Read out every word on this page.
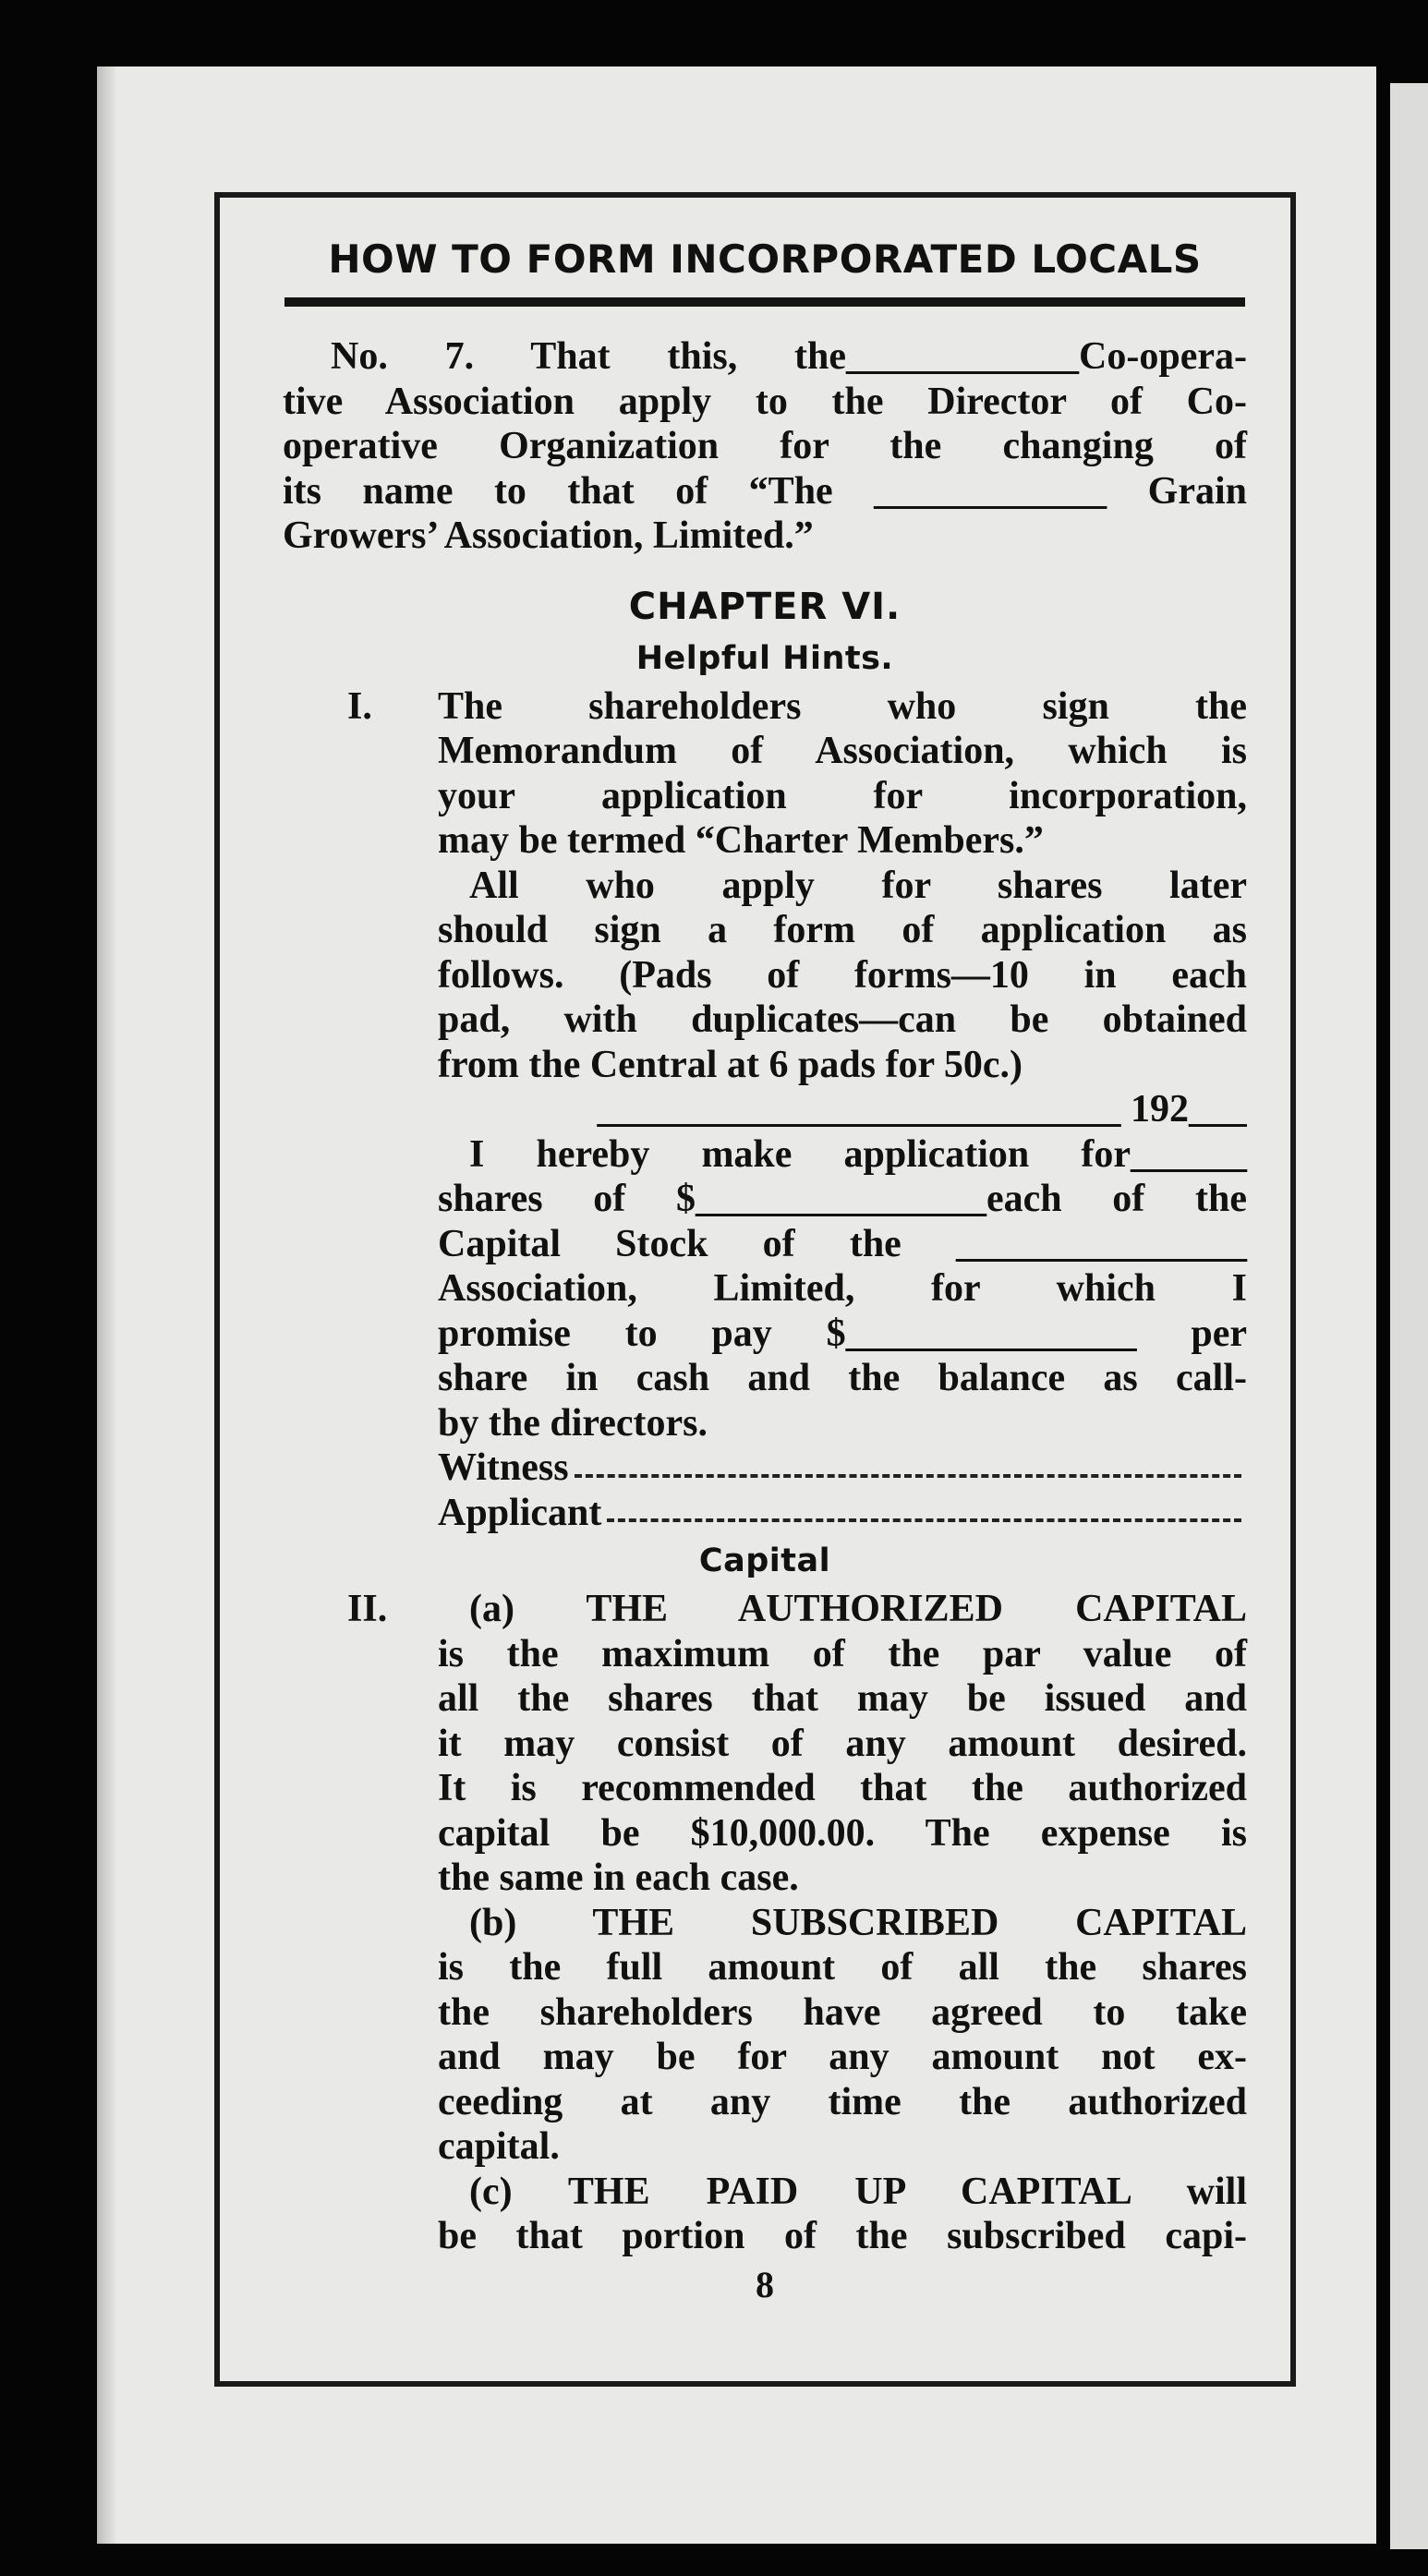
HOW TO FORM INCORPORATED LOCALS
No. 7. That this, the____________Co-opera-
tive Association apply to the Director of Co-
operative Organization for the changing of
its name to that of “The ____________ Grain
Growers’ Association, Limited.”
CHAPTER VI.
Helpful Hints.
I. The shareholders who sign the
Memorandum of Association, which is
your application for incorporation,
may be termed “Charter Members.”
All who apply for shares later
should sign a form of application as
follows. (Pads of forms—10 in each
pad, with duplicates—can be obtained
from the Central at 6 pads for 50c.)
___________________________ 192___
I hereby make application for______
shares of $_______________each of the
Capital Stock of the _______________
Association, Limited, for which I
promise to pay $_______________ per
share in cash and the balance as call-
by the directors.
Witness
Applicant
Capital
II.	(a) THE AUTHORIZED CAPITAL
is the maximum of the par value of
all the shares that may be issued and
it may consist of any amount desired.
It is recommended that the authorized
capital be $10,000.00. The expense is
the same in each case.
(b) THE SUBSCRIBED CAPITAL
is the full amount of all the shares
the shareholders have agreed to take
and may be for any amount not ex-
ceeding at any time the authorized
capital.
(c) THE PAID UP CAPITAL will
be that portion of the subscribed capi-
8
